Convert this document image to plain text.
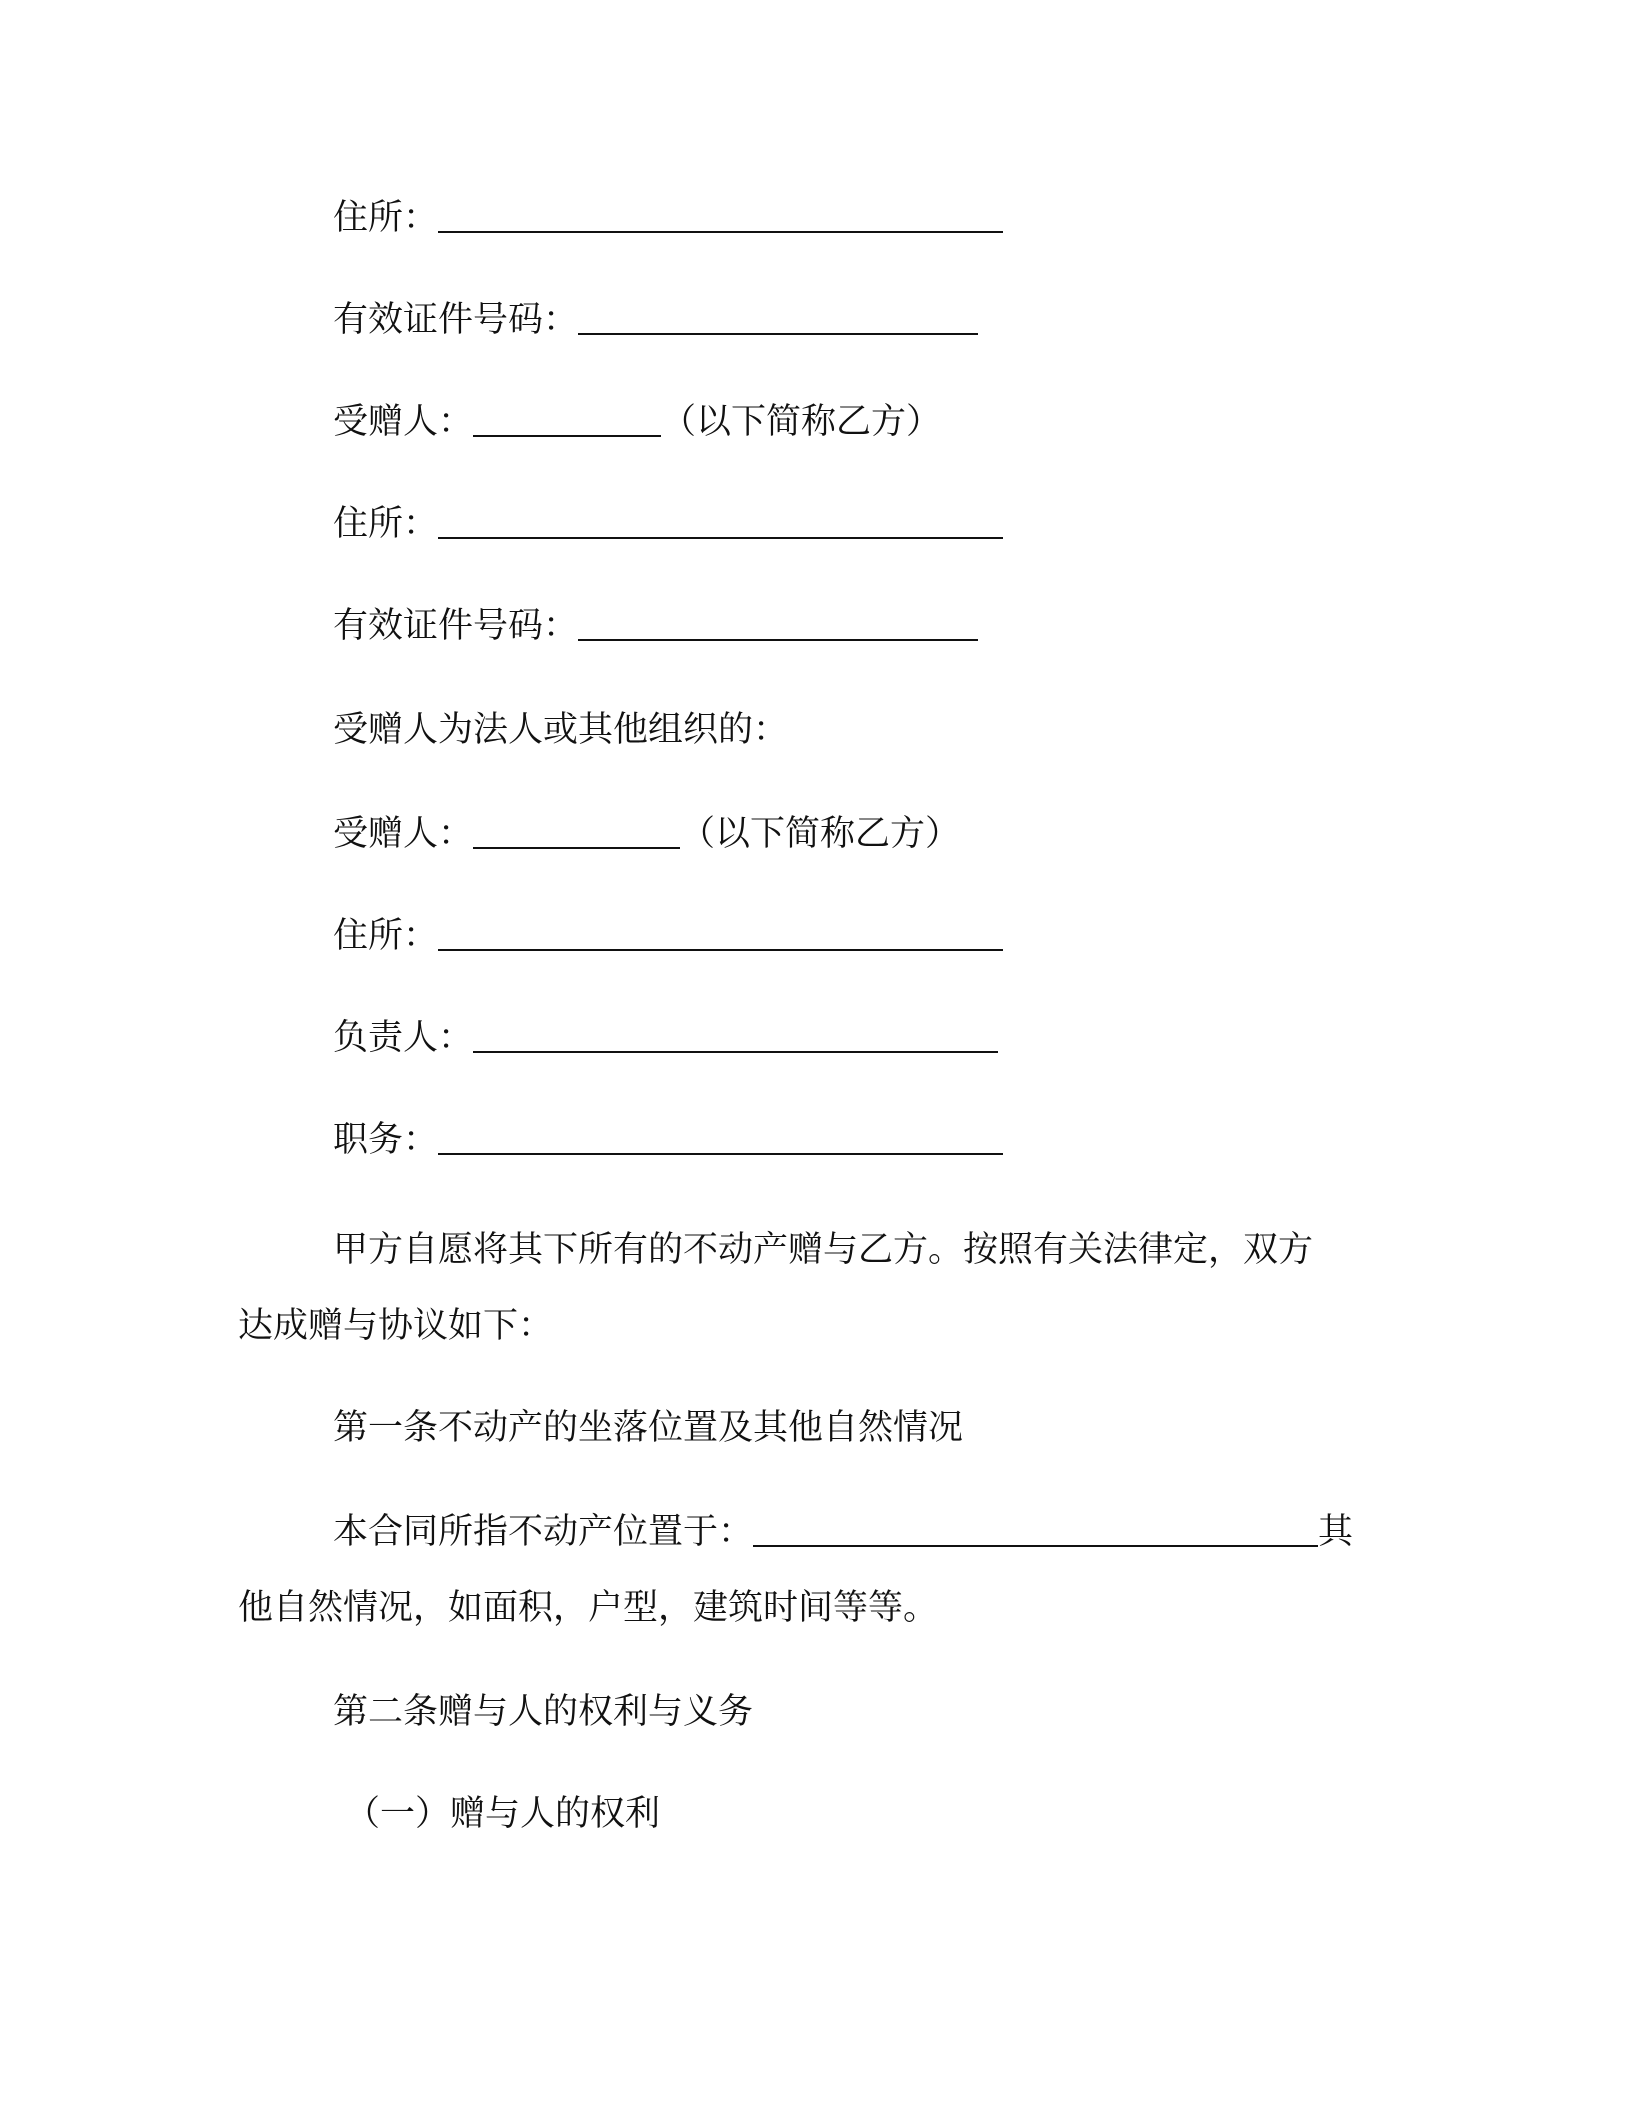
住所：
有效证件号码：
受赠人：	（以下简称乙方）
住所：
有效证件号码：
受赠人为法人或其他组织的：
受赠人：	（以下简称乙方）
住所：
负责人：
职务：
甲方自愿将其下所有的不动产赠与乙方。按照有关法律定，双方
达成赠与协议如下：
第一条不动产的坐落位置及其他自然情况
本合同所指不动产位置于：	其
他自然情况，如面积，户型，建筑时间等等。
第二条赠与人的权利与义务
（一）赠与人的权利
